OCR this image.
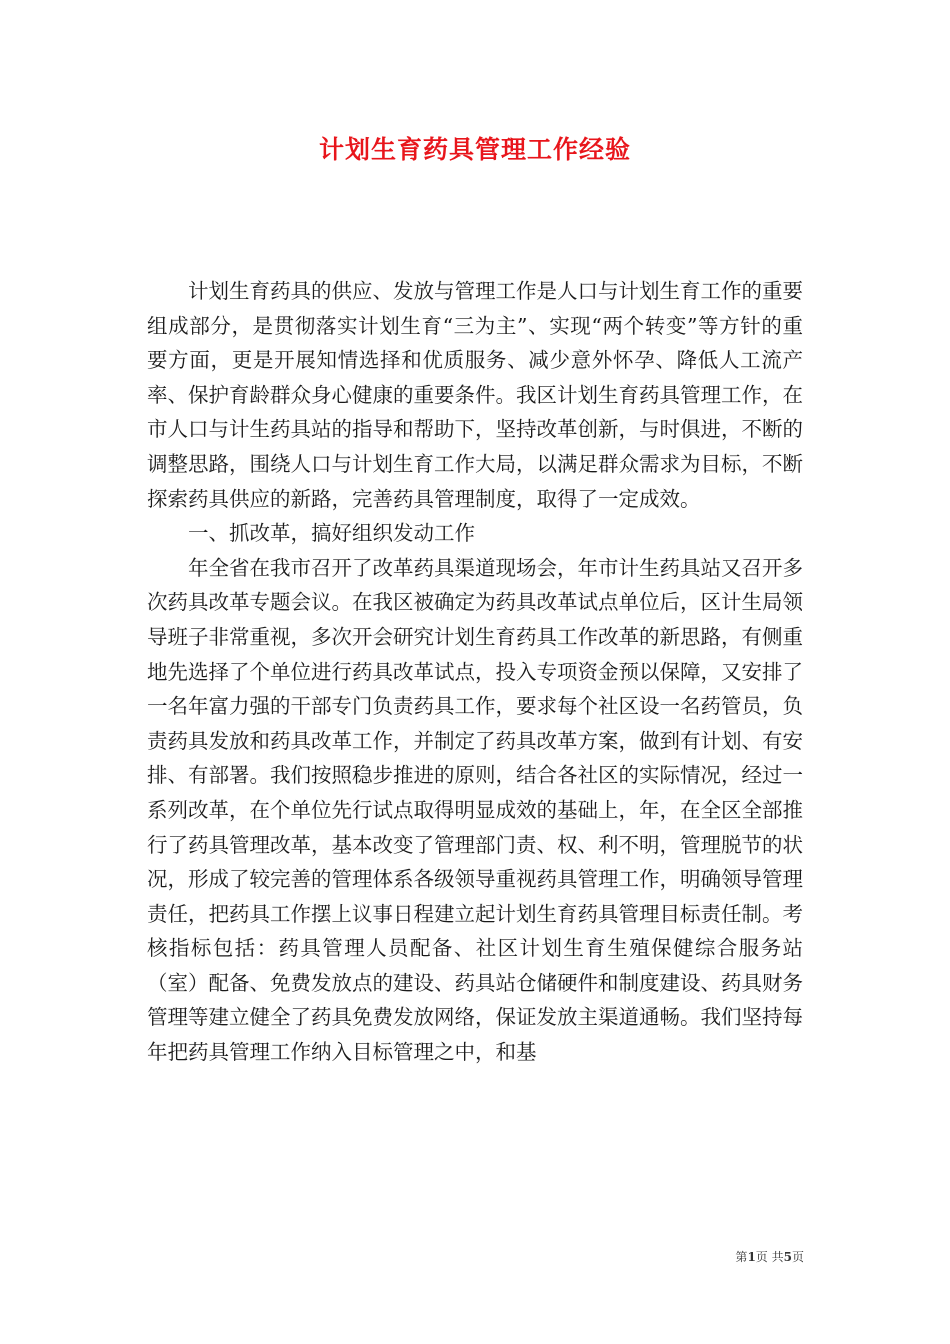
计划生育药具管理工作经验

计划生育药具的供应、发放与管理工作是人口与计划生育工作的重要组成部分，是贯彻落实计划生育“三为主”、实现“两个转变”等方针的重要方面，更是开展知情选择和优质服务、减少意外怀孕、降低人工流产率、保护育龄群众身心健康的重要条件。我区计划生育药具管理工作，在市人口与计生药具站的指导和帮助下，坚持改革创新，与时俱进，不断的调整思路，围绕人口与计划生育工作大局，以满足群众需求为目标，不断探索药具供应的新路，完善药具管理制度，取得了一定成效。

一、抓改革，搞好组织发动工作

年全省在我市召开了改革药具渠道现场会，年市计生药具站又召开多次药具改革专题会议。在我区被确定为药具改革试点单位后，区计生局领导班子非常重视，多次开会研究计划生育药具工作改革的新思路，有侧重地先选择了个单位进行药具改革试点，投入专项资金预以保障，又安排了一名年富力强的干部专门负责药具工作，要求每个社区设一名药管员，负责药具发放和药具改革工作，并制定了药具改革方案，做到有计划、有安排、有部署。我们按照稳步推进的原则，结合各社区的实际情况，经过一系列改革，在个单位先行试点取得明显成效的基础上，年，在全区全部推行了药具管理改革，基本改变了管理部门责、权、利不明，管理脱节的状况，形成了较完善的管理体系各级领导重视药具管理工作，明确领导管理责任，把药具工作摆上议事日程建立起计划生育药具管理目标责任制。考核指标包括：药具管理人员配备、社区计划生育生殖保健综合服务站（室）配备、免费发放点的建设、药具站仓储硬件和制度建设、药具财务管理等建立健全了药具免费发放网络，保证发放主渠道通畅。我们坚持每年把药具管理工作纳入目标管理之中，和基

第1页 共5页
